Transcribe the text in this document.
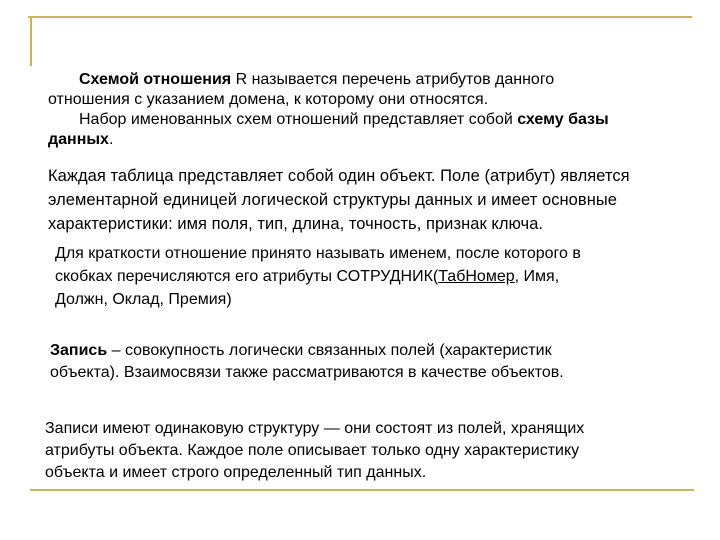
Схемой отношения R называется перечень атрибутов данного
отношения с указанием домена, к которому они относятся.
Набор именованных схем отношений представляет собой схему базы
данных.
Каждая таблица представляет собой один объект. Поле (атрибут) является
элементарной единицей логической структуры данных и имеет основные
характеристики: имя поля, тип, длина, точность, признак ключа.
Для краткости отношение принято называть именем, после которого в
скобках перечисляются его атрибуты СОТРУДНИК(ТабНомер, Имя,
Должн, Оклад, Премия)
Запись – совокупность логически связанных полей (характеристик
объекта). Взаимосвязи также рассматриваются в качестве объектов.
Записи имеют одинаковую структуру — они состоят из полей, хранящих
атрибуты объекта. Каждое поле описывает только одну характеристику
объекта и имеет строго определенный тип данных.
